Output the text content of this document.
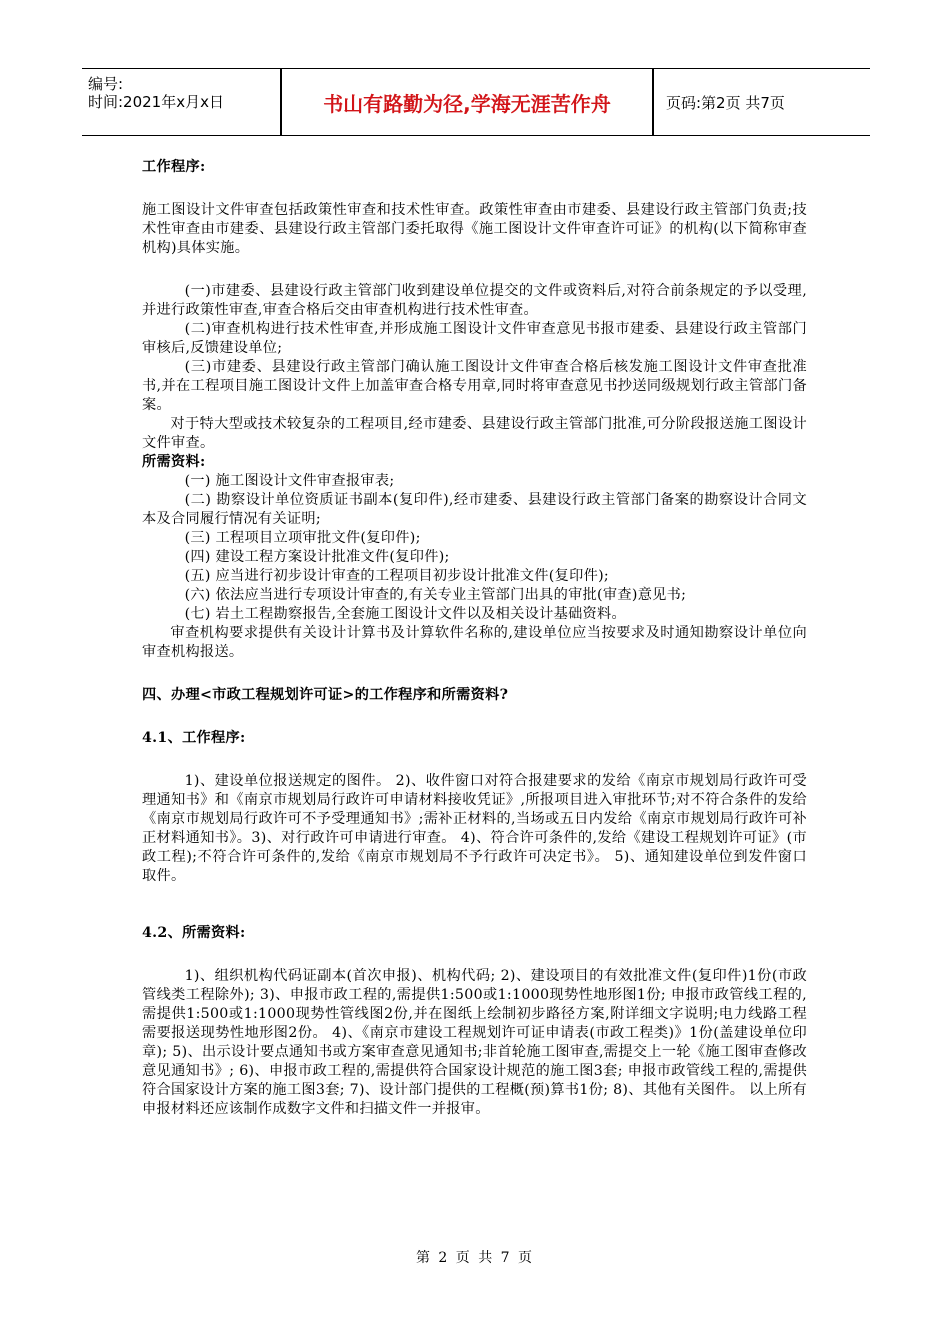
编号:
时间:2021年x月x日	书山有路勤为径,学海无涯苦作舟	页码:第2页 共7页

工作程序:

施工图设计文件审查包括政策性审查和技术性审查。政策性审查由市建委、县建设行政主管部门负责;技术性审查由市建委、县建设行政主管部门委托取得《施工图设计文件审查许可证》的机构(以下简称审查机构)具体实施。

(一)市建委、县建设行政主管部门收到建设单位提交的文件或资料后,对符合前条规定的予以受理,并进行政策性审查,审查合格后交由审查机构进行技术性审查。

(二)审查机构进行技术性审查,并形成施工图设计文件审查意见书报市建委、县建设行政主管部门审核后,反馈建设单位;

(三)市建委、县建设行政主管部门确认施工图设计文件审查合格后核发施工图设计文件审查批准书,并在工程项目施工图设计文件上加盖审查合格专用章,同时将审查意见书抄送同级规划行政主管部门备案。

对于特大型或技术较复杂的工程项目,经市建委、县建设行政主管部门批准,可分阶段报送施工图设计文件审查。

所需资料:

(一) 施工图设计文件审查报审表;

(二) 勘察设计单位资质证书副本(复印件),经市建委、县建设行政主管部门备案的勘察设计合同文本及合同履行情况有关证明;

(三) 工程项目立项审批文件(复印件);

(四) 建设工程方案设计批准文件(复印件);

(五) 应当进行初步设计审查的工程项目初步设计批准文件(复印件);

(六) 依法应当进行专项设计审查的,有关专业主管部门出具的审批(审查)意见书;

(七) 岩土工程勘察报告,全套施工图设计文件以及相关设计基础资料。

审查机构要求提供有关设计计算书及计算软件名称的,建设单位应当按要求及时通知勘察设计单位向审查机构报送。

四、办理<市政工程规划许可证>的工作程序和所需资料?

4.1、工作程序:

1)、建设单位报送规定的图件。 2)、收件窗口对符合报建要求的发给《南京市规划局行政许可受理通知书》和《南京市规划局行政许可申请材料接收凭证》,所报项目进入审批环节;对不符合条件的发给《南京市规划局行政许可不予受理通知书》;需补正材料的,当场或五日内发给《南京市规划局行政许可补正材料通知书》。3)、对行政许可申请进行审查。 4)、符合许可条件的,发给《建设工程规划许可证》(市政工程);不符合许可条件的,发给《南京市规划局不予行政许可决定书》。 5)、通知建设单位到发件窗口取件。

4.2、所需资料:

1)、组织机构代码证副本(首次申报)、机构代码; 2)、建设项目的有效批准文件(复印件)1份(市政管线类工程除外); 3)、申报市政工程的,需提供1:500或1:1000现势性地形图1份; 申报市政管线工程的,需提供1:500或1:1000现势性管线图2份,并在图纸上绘制初步路径方案,附详细文字说明;电力线路工程需要报送现势性地形图2份。 4)、《南京市建设工程规划许可证申请表(市政工程类)》1份(盖建设单位印章); 5)、出示设计要点通知书或方案审查意见通知书;非首轮施工图审查,需提交上一轮《施工图审查修改意见通知书》; 6)、申报市政工程的,需提供符合国家设计规范的施工图3套; 申报市政管线工程的,需提供符合国家设计方案的施工图3套; 7)、设计部门提供的工程概(预)算书1份; 8)、其他有关图件。 以上所有申报材料还应该制作成数字文件和扫描文件一并报审。

第 2 页 共 7 页
